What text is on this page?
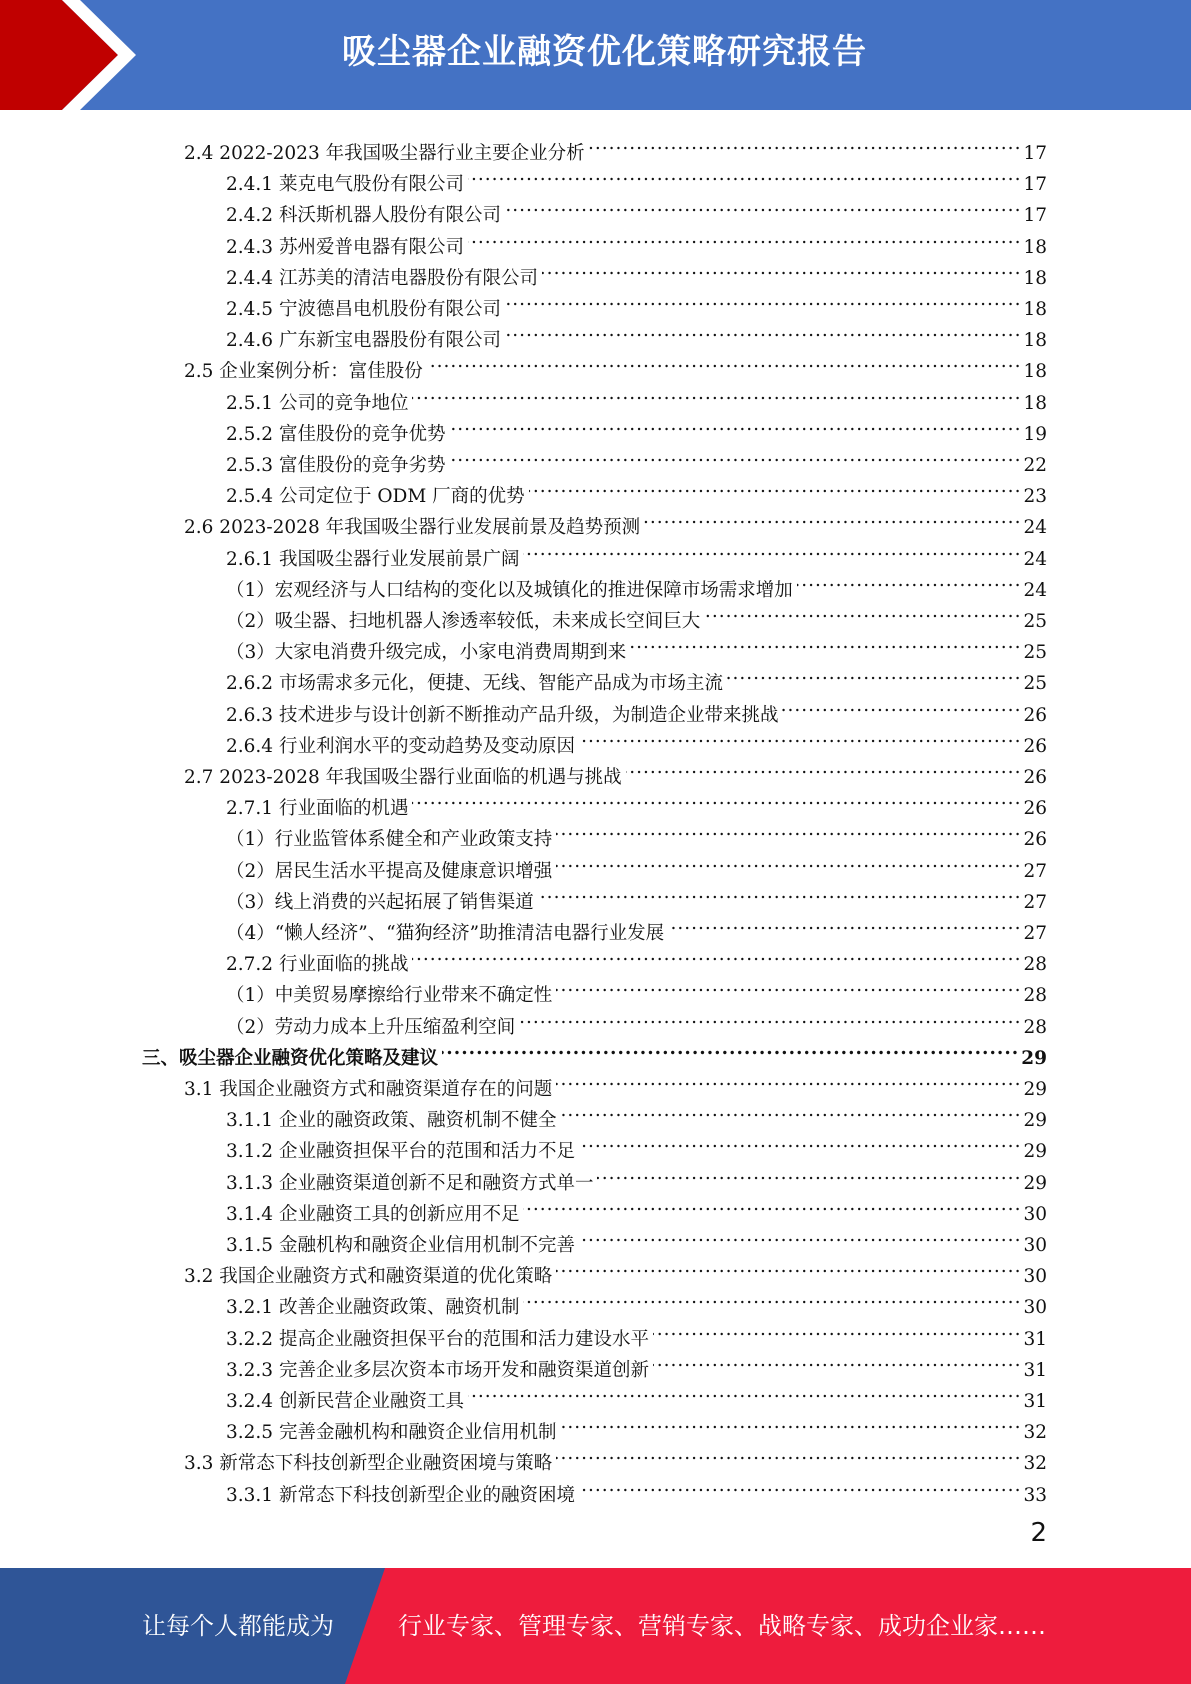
吸尘器企业融资优化策略研究报告
2.4 2022-2023 年我国吸尘器行业主要企业分析 .....	17
2.4.1 莱克电气股份有限公司 .....	17
2.4.2 科沃斯机器人股份有限公司 .....	17
2.4.3 苏州爱普电器有限公司 .....	18
2.4.4 江苏美的清洁电器股份有限公司 .....	18
2.4.5 宁波德昌电机股份有限公司 .....	18
2.4.6 广东新宝电器股份有限公司 .....	18
2.5 企业案例分析：富佳股份 .....	18
2.5.1 公司的竞争地位 .....	18
2.5.2 富佳股份的竞争优势 .....	19
2.5.3 富佳股份的竞争劣势 .....	22
2.5.4 公司定位于 ODM 厂商的优势 .....	23
2.6 2023-2028 年我国吸尘器行业发展前景及趋势预测 .....	24
2.6.1 我国吸尘器行业发展前景广阔 .....	24
（1）宏观经济与人口结构的变化以及城镇化的推进保障市场需求增加 .....	24
（2）吸尘器、扫地机器人渗透率较低，未来成长空间巨大 .....	25
（3）大家电消费升级完成，小家电消费周期到来 .....	25
2.6.2 市场需求多元化，便捷、无线、智能产品成为市场主流 .....	25
2.6.3 技术进步与设计创新不断推动产品升级，为制造企业带来挑战 .....	26
2.6.4 行业利润水平的变动趋势及变动原因 .....	26
2.7 2023-2028 年我国吸尘器行业面临的机遇与挑战 .....	26
2.7.1 行业面临的机遇 .....	26
（1）行业监管体系健全和产业政策支持 .....	26
（2）居民生活水平提高及健康意识增强 .....	27
（3）线上消费的兴起拓展了销售渠道 .....	27
（4）“懒人经济”、“猫狗经济”助推清洁电器行业发展 .....	27
2.7.2 行业面临的挑战 .....	28
（1）中美贸易摩擦给行业带来不确定性 .....	28
（2）劳动力成本上升压缩盈利空间 .....	28
三、吸尘器企业融资优化策略及建议 .....	29
3.1 我国企业融资方式和融资渠道存在的问题 .....	29
3.1.1 企业的融资政策、融资机制不健全 .....	29
3.1.2 企业融资担保平台的范围和活力不足 .....	29
3.1.3 企业融资渠道创新不足和融资方式单一 .....	29
3.1.4 企业融资工具的创新应用不足 .....	30
3.1.5 金融机构和融资企业信用机制不完善 .....	30
3.2 我国企业融资方式和融资渠道的优化策略 .....	30
3.2.1 改善企业融资政策、融资机制 .....	30
3.2.2 提高企业融资担保平台的范围和活力建设水平 .....	31
3.2.3 完善企业多层次资本市场开发和融资渠道创新 .....	31
3.2.4 创新民营企业融资工具 .....	31
3.2.5 完善金融机构和融资企业信用机制 .....	32
3.3 新常态下科技创新型企业融资困境与策略 .....	32
3.3.1 新常态下科技创新型企业的融资困境 .....	33
2
让每个人都能成为	行业专家、管理专家、营销专家、战略专家、成功企业家……
